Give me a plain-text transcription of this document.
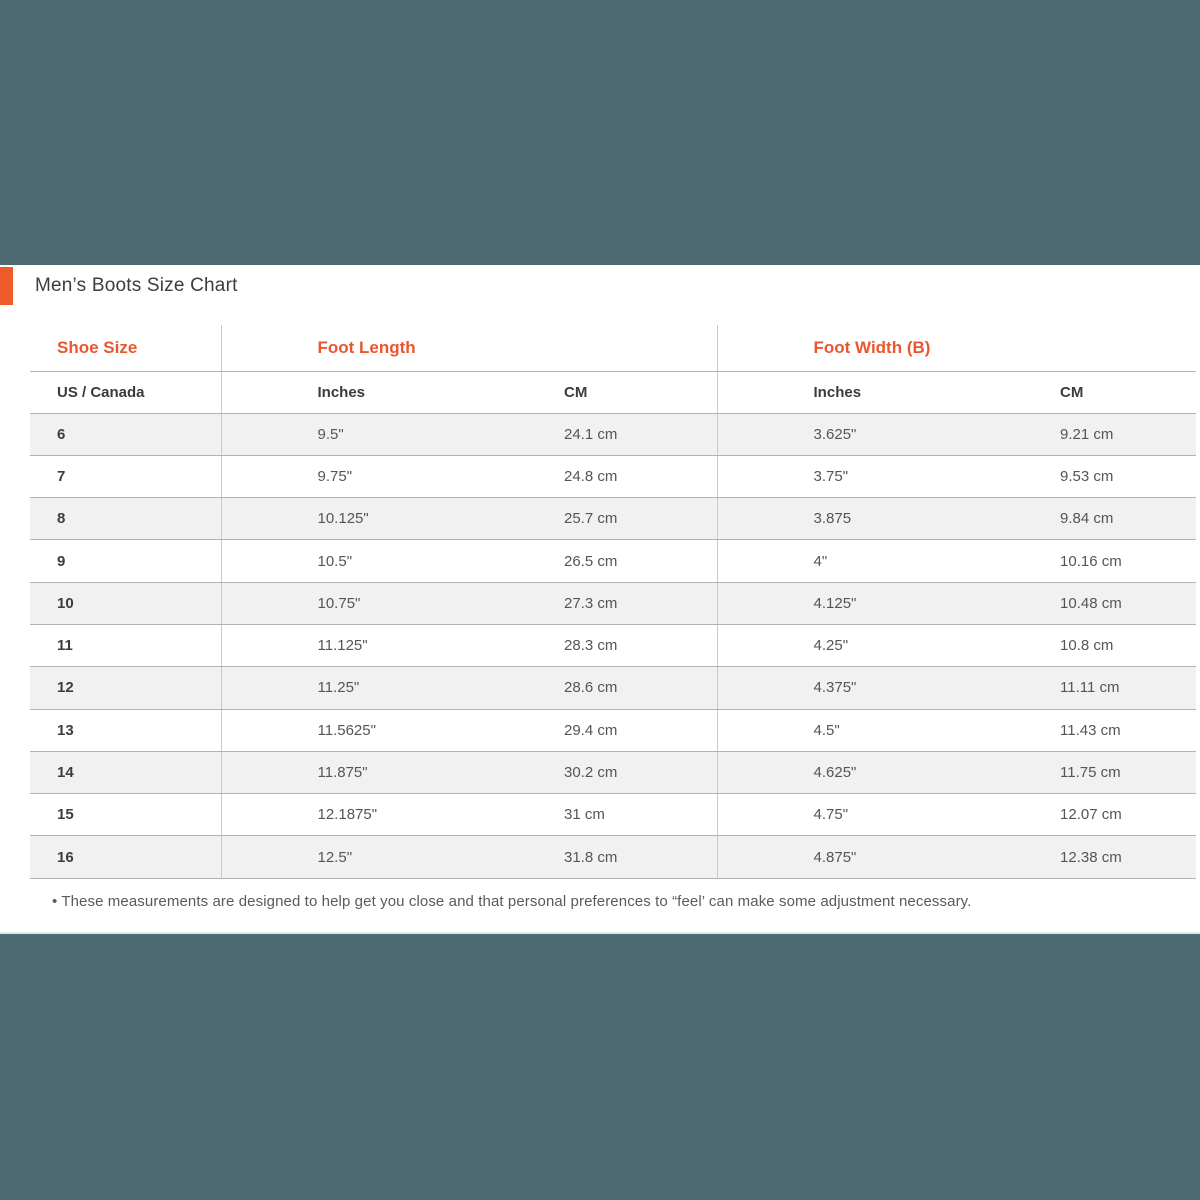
Men’s Boots Size Chart
Shoe Size	Foot Length		Foot Width (B)	
US / Canada	Inches	CM	Inches	CM
6	9.5"	24.1 cm	3.625"	9.21 cm
7	9.75"	24.8 cm	3.75"	9.53 cm
8	10.125"	25.7 cm	3.875	9.84 cm
9	10.5"	26.5 cm	4"	10.16 cm
10	10.75"	27.3 cm	4.125"	10.48 cm
11	11.125"	28.3 cm	4.25"	10.8 cm
12	11.25"	28.6 cm	4.375"	11.11 cm
13	11.5625"	29.4 cm	4.5"	11.43 cm
14	11.875"	30.2 cm	4.625"	11.75 cm
15	12.1875"	31 cm	4.75"	12.07 cm
16	12.5"	31.8 cm	4.875"	12.38 cm
• These measurements are designed to help get you close and that personal preferences to “feel’ can make some adjustment necessary.
